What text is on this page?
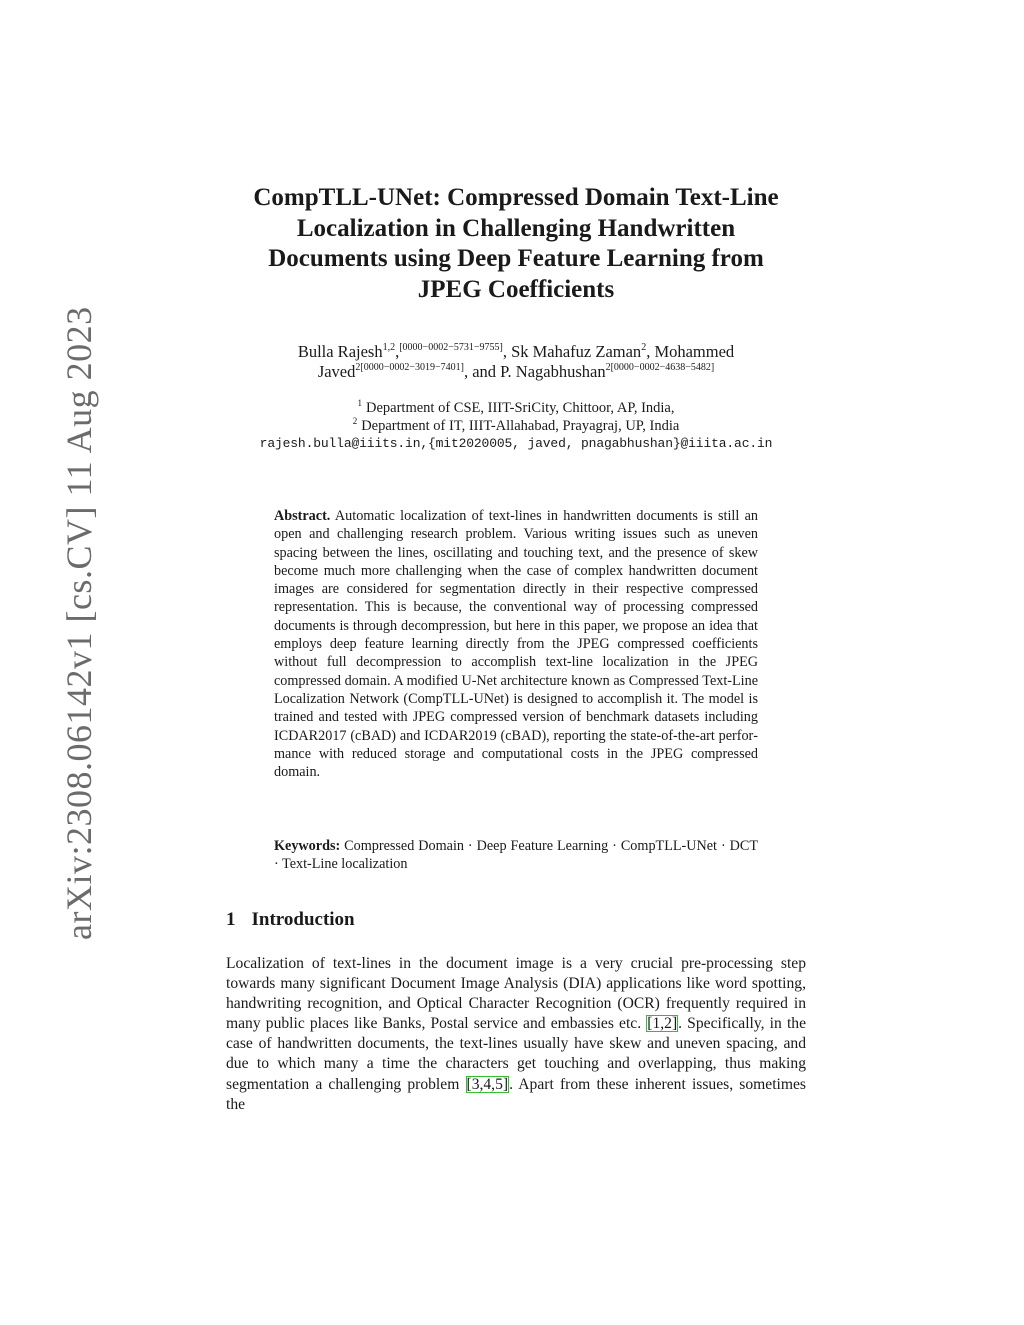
arXiv:2308.06142v1 [cs.CV] 11 Aug 2023
CompTLL-UNet: Compressed Domain Text-Line
Localization in Challenging Handwritten
Documents using Deep Feature Learning from
JPEG Coefficients
Bulla Rajesh$^{1,2}$,[0000−0002−5731−9755], Sk Mahafuz Zaman$^2$, Mohammed
Javed$^{2[0000-0002-3019-7401]}$, and P. Nagabhushan$^{2[0000-0002-4638-5482]}$
$^1$ Department of CSE, IIIT-SriCity, Chittoor, AP, India,
$^2$ Department of IT, IIIT-Allahabad, Prayagraj, UP, India
rajesh.bulla@iiits.in,{mit2020005, javed, pnagabhushan}@iiita.ac.in
Abstract. Automatic localization of text-lines in handwritten documents is still an open and challenging research problem. Various writing issues such as uneven spacing between the lines, oscillating and touching text, and the presence of skew become much more challenging when the case of complex handwritten document images are considered for segmentation directly in their respective compressed representation. This is because, the conventional way of processing compressed documents is through decompression, but here in this paper, we propose an idea that employs deep feature learning directly from the JPEG compressed coefficients without full decompression to accomplish text-line localization in the JPEG compressed domain. A modified U-Net architecture known as Compressed Text-Line Localization Network (CompTLL-UNet) is designed to accomplish it. The model is trained and tested with JPEG compressed version of benchmark datasets including ICDAR2017 (cBAD) and ICDAR2019 (cBAD), reporting the state-of-the-art performance with reduced storage and computational costs in the JPEG compressed domain.
Keywords: Compressed Domain · Deep Feature Learning · CompTLL-UNet · DCT · Text-Line localization
1 Introduction
Localization of text-lines in the document image is a very crucial pre-processing step towards many significant Document Image Analysis (DIA) applications like word spotting, handwriting recognition, and Optical Character Recognition (OCR) frequently required in many public places like Banks, Postal service and embassies etc. [1,2]. Specifically, in the case of handwritten documents, the text-lines usually have skew and uneven spacing, and due to which many a time the characters get touching and overlapping, thus making segmentation a challenging problem [3,4,5]. Apart from these inherent issues, sometimes the
